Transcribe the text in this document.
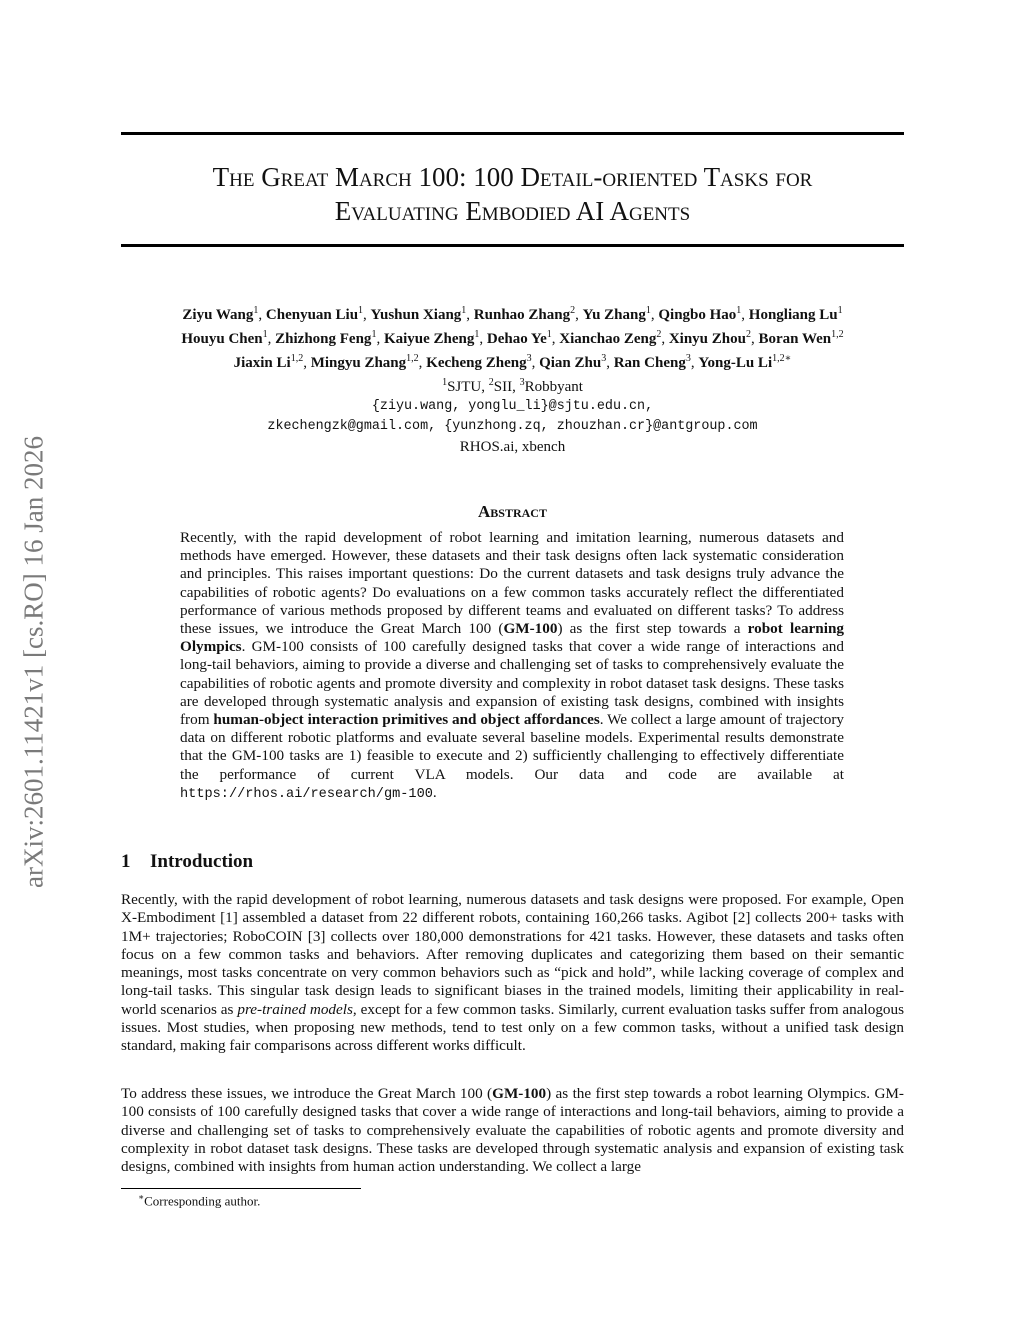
arXiv:2601.11421v1 [cs.RO] 16 Jan 2026
The Great March 100: 100 Detail-oriented Tasks for
Evaluating Embodied AI Agents
Ziyu Wang$^1$, Chenyuan Liu$^1$, Yushun Xiang$^1$, Runhao Zhang$^2$, Yu Zhang$^1$, Qingbo Hao$^1$, Hongliang Lu$^1$
Houyu Chen$^1$, Zhizhong Feng$^1$, Kaiyue Zheng$^1$, Dehao Ye$^1$, Xianchao Zeng$^2$, Xinyu Zhou$^2$, Boran Wen$^{1,2}$
Jiaxin Li$^{1,2}$, Mingyu Zhang$^{1,2}$, Kecheng Zheng$^3$, Qian Zhu$^3$, Ran Cheng$^3$, Yong-Lu $Li^{1,2∗}$
$^1$SJTU, $^2$SII, $^3$Robbyant
{ziyu.wang, yonglu_li}@sjtu.edu.cn,
zkechengzk@gmail.com, {yunzhong.zq, zhouzhan.cr}@antgroup.com
RHOS.ai, xbench
Abstract
Recently, with the rapid development of robot learning and imitation learning, numerous datasets and methods have emerged. However, these datasets and their task designs often lack systematic consideration and principles. This raises important questions: Do the current datasets and task designs truly advance the capabilities of robotic agents? Do evaluations on a few common tasks accurately reflect the differentiated performance of various methods proposed by different teams and evaluated on different tasks? To address these issues, we introduce the Great March 100 (GM-100) as the first step towards a robot learning Olympics. GM-100 consists of 100 carefully designed tasks that cover a wide range of interactions and long-tail behaviors, aiming to provide a diverse and challenging set of tasks to comprehensively evaluate the capabilities of robotic agents and promote diversity and complexity in robot dataset task designs. These tasks are developed through systematic analysis and expansion of existing task designs, combined with insights from human-object interaction primitives and object affordances. We collect a large amount of trajectory data on different robotic platforms and evaluate several baseline models. Experimental results demonstrate that the GM-100 tasks are 1) feasible to execute and 2) sufficiently challenging to effectively differentiate the performance of current VLA models. Our data and code are available at https://rhos.ai/research/gm-100.
1 Introduction
Recently, with the rapid development of robot learning, numerous datasets and task designs were proposed. For example, Open X-Embodiment [1] assembled a dataset from 22 different robots, containing 160,266 tasks. Agibot [2] collects 200+ tasks with 1M+ trajectories; RoboCOIN [3] collects over 180,000 demonstrations for 421 tasks. However, these datasets and tasks often focus on a few common tasks and behaviors. After removing duplicates and categorizing them based on their semantic meanings, most tasks concentrate on very common behaviors such as “pick and hold”, while lacking coverage of complex and long-tail tasks. This singular task design leads to significant biases in the trained models, limiting their applicability in real-world scenarios as pre-trained models, except for a few common tasks. Similarly, current evaluation tasks suffer from analogous issues. Most studies, when proposing new methods, tend to test only on a few common tasks, without a unified task design standard, making fair comparisons across different works difficult.
To address these issues, we introduce the Great March 100 (GM-100) as the first step towards a robot learning Olympics. GM-100 consists of 100 carefully designed tasks that cover a wide range of interactions and long-tail behaviors, aiming to provide a diverse and challenging set of tasks to comprehensively evaluate the capabilities of robotic agents and promote diversity and complexity in robot dataset task designs. These tasks are developed through systematic analysis and expansion of existing task designs, combined with insights from human action understanding. We collect a large
∗Corresponding author.
